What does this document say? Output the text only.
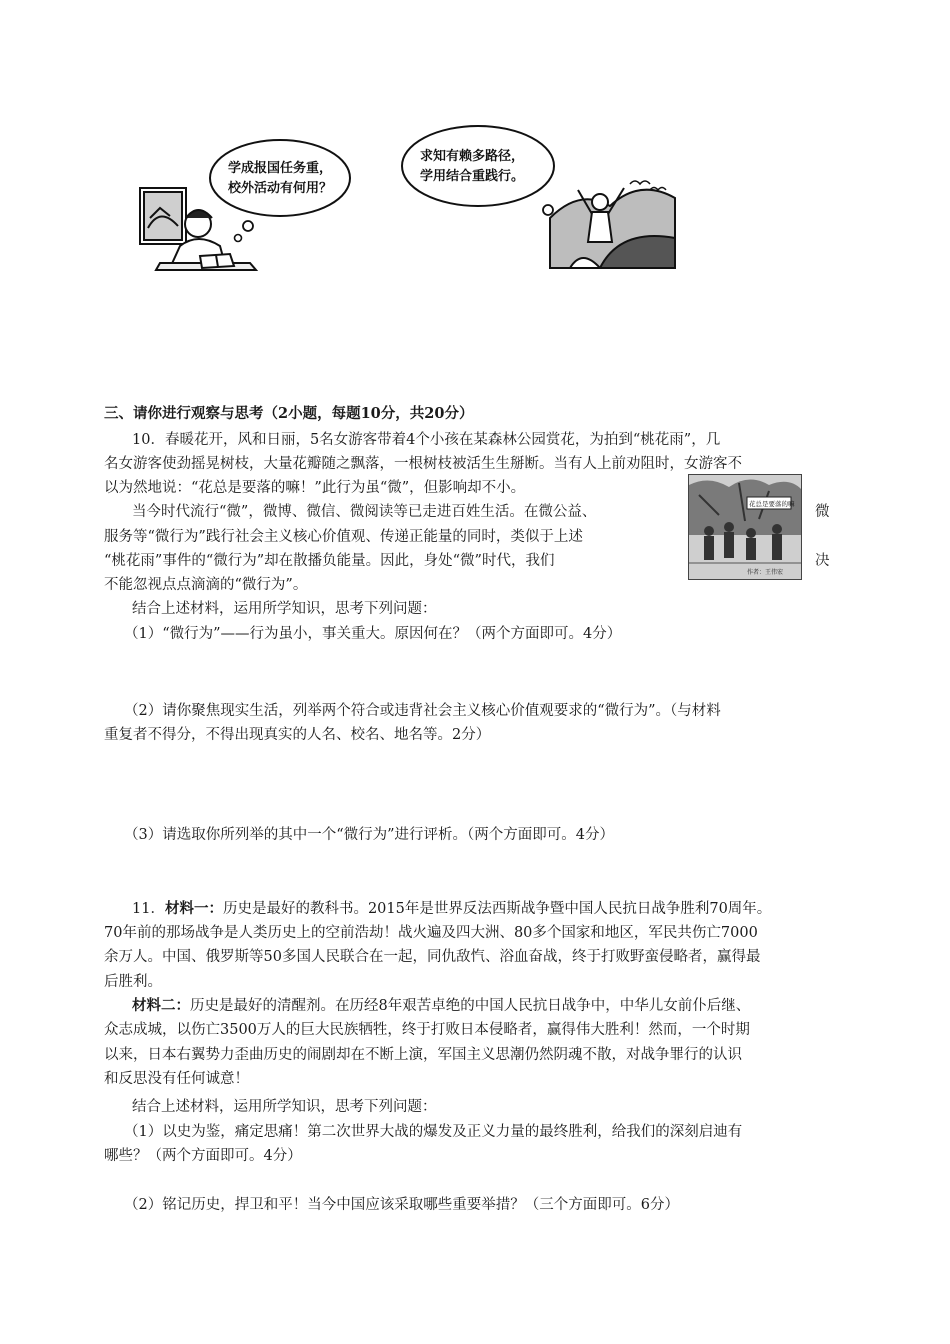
学成报国任务重，
校外活动有何用？
求知有赖多路径，
学用结合重践行。
三、请你进行观察与思考（2小题，每题10分，共20分）
10．春暖花开，风和日丽，5名女游客带着4个小孩在某森林公园赏花，为拍到“桃花雨”，几
名女游客使劲摇晃树枝，大量花瓣随之飘落，一根树枝被活生生掰断。当有人上前劝阻时，女游客不
以为然地说：“花总是要落的嘛！”此行为虽“微”，但影响却不小。
当今时代流行“微”，微博、微信、微阅读等已走进百姓生活。在微公益、
服务等“微行为”践行社会主义核心价值观、传递正能量的同时，类似于上述
“桃花雨”事件的“微行为”却在散播负能量。因此，身处“微”时代，我们
不能忽视点点滴滴的“微行为”。
结合上述材料，运用所学知识，思考下列问题：
微
决
花总是要落的嘛
作者：王伟宏
（1）“微行为”——行为虽小，事关重大。原因何在？（两个方面即可。4分）
（2）请你聚焦现实生活，列举两个符合或违背社会主义核心价值观要求的“微行为”。（与材料
重复者不得分，不得出现真实的人名、校名、地名等。2分）
（3）请选取你所列举的其中一个“微行为”进行评析。（两个方面即可。4分）
11．材料一：历史是最好的教科书。2015年是世界反法西斯战争暨中国人民抗日战争胜利70周年。
70年前的那场战争是人类历史上的空前浩劫！战火遍及四大洲、80多个国家和地区，军民共伤亡7000
余万人。中国、俄罗斯等50多国人民联合在一起，同仇敌忾、浴血奋战，终于打败野蛮侵略者，赢得最
后胜利。
材料二：历史是最好的清醒剂。在历经8年艰苦卓绝的中国人民抗日战争中，中华儿女前仆后继、
众志成城，以伤亡3500万人的巨大民族牺牲，终于打败日本侵略者，赢得伟大胜利！然而，一个时期
以来，日本右翼势力歪曲历史的闹剧却在不断上演，军国主义思潮仍然阴魂不散，对战争罪行的认识
和反思没有任何诚意！
结合上述材料，运用所学知识，思考下列问题：
（1）以史为鉴，痛定思痛！第二次世界大战的爆发及正义力量的最终胜利，给我们的深刻启迪有
哪些？（两个方面即可。4分）
（2）铭记历史，捍卫和平！当今中国应该采取哪些重要举措？（三个方面即可。6分）
